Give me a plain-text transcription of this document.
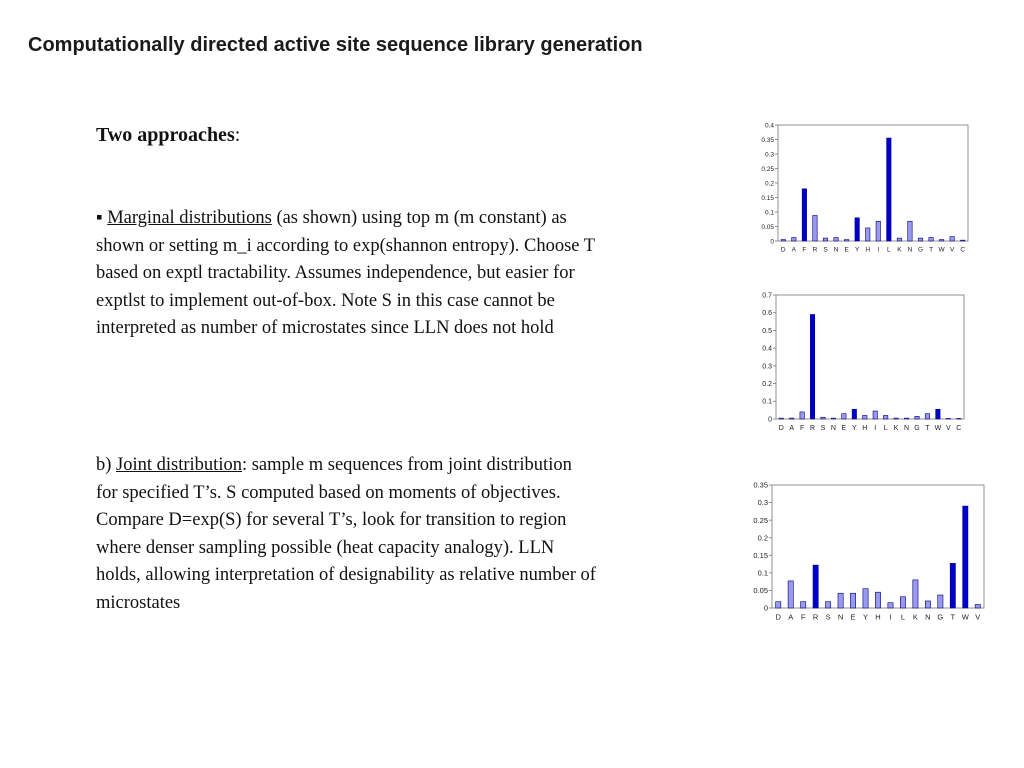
Computationally directed active site sequence library generation
Two approaches:
▪ Marginal distributions (as shown) using top m (m constant) as shown or setting m_i according to exp(shannon entropy). Choose T based on exptl tractability. Assumes independence, but easier for exptlst to implement out-of-box. Note S in this case cannot be interpreted as number of microstates since LLN does not hold
b) Joint distribution: sample m sequences from joint distribution for specified T’s. S computed based on moments of objectives. Compare D=exp(S) for several T’s, look for transition to region where denser sampling possible (heat capacity analogy). LLN holds, allowing interpretation of designability as relative number of microstates
0
0.05
0.1
0.15
0.2
0.25
0.3
0.35
0.4
D A F R S N E Y H I L K N G T W V C
0
0.1
0.2
0.3
0.4
0.5
0.6
0.7
D A F R S N E Y H I L K N G T W V C
0
0.05
0.1
0.15
0.2
0.25
0.3
0.35
D A F R S N E Y H I L K N G T W V
